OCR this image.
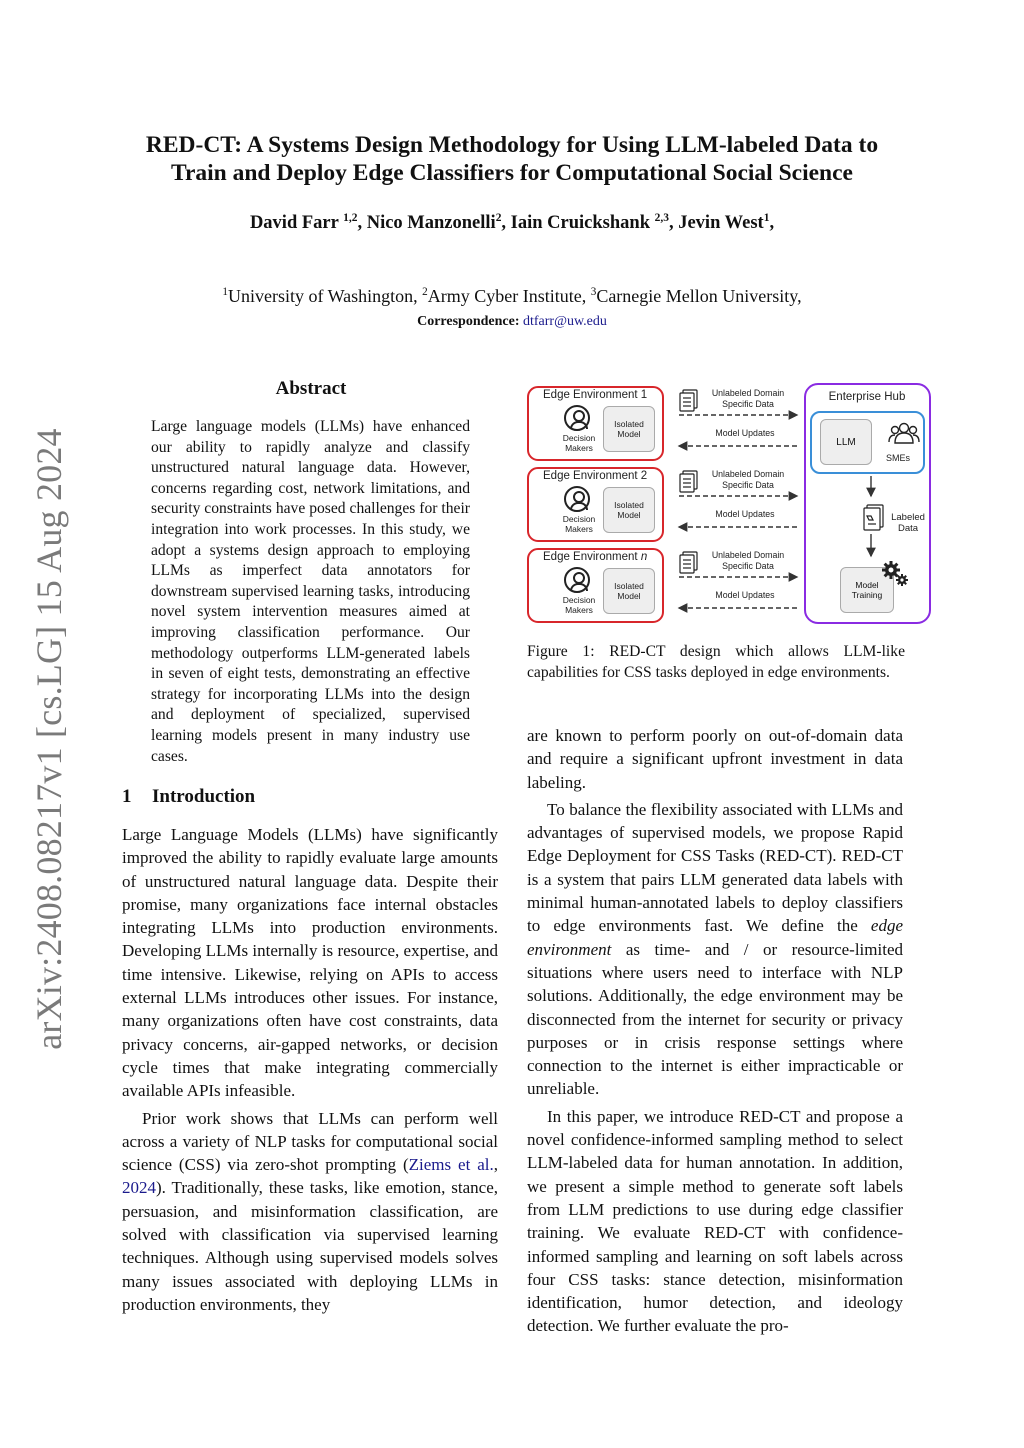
RED-CT: A Systems Design Methodology for Using LLM-labeled Data to
Train and Deploy Edge Classifiers for Computational Social Science
David Farr $^{1,2}$, Nico Manzonelli$^2$, Iain Cruickshank $^{2,3}$, Jevin West$^1$,
$^1$University of Washington, $^2$Army Cyber Institute, $^3$Carnegie Mellon University,
Correspondence: dtfarr@uw.edu
arXiv:2408.08217v1 [cs.LG] 15 Aug 2024
Abstract
Large language models (LLMs) have enhanced our ability to rapidly analyze and classify unstructured natural language data. However, concerns regarding cost, network limitations, and security constraints have posed challenges for their integration into work processes. In this study, we adopt a systems design approach to employing LLMs as imperfect data annotators for downstream supervised learning tasks, introducing novel system intervention measures aimed at improving classification performance. Our methodology outperforms LLM-generated labels in seven of eight tests, demonstrating an effective strategy for incorporating LLMs into the design and deployment of specialized, supervised learning models present in many industry use cases.
1 Introduction

Large Language Models (LLMs) have significantly improved the ability to rapidly evaluate large amounts of unstructured natural language data. Despite their promise, many organizations face internal obstacles integrating LLMs into production environments. Developing LLMs internally is resource, expertise, and time intensive. Likewise, relying on APIs to access external LLMs introduces other issues. For instance, many organizations often have cost constraints, data privacy concerns, air-gapped networks, or decision cycle times that make integrating commercially available APIs infeasible.

Prior work shows that LLMs can perform well across a variety of NLP tasks for computational social science (CSS) via zero-shot prompting (Ziems et al., 2024). Traditionally, these tasks, like emotion, stance, persuasion, and misinformation classification, are solved with classification via supervised learning techniques. Although using supervised models solves many issues associated with deploying LLMs in production environments, they

are known to perform poorly on out-of-domain data and require a significant upfront investment in data labeling.

To balance the flexibility associated with LLMs and advantages of supervised models, we propose Rapid Edge Deployment for CSS Tasks (RED-CT). RED-CT is a system that pairs LLM generated data labels with minimal human-annotated labels to deploy classifiers to edge environments fast. We define the edge environment as time- and / or resource-limited situations where users need to interface with NLP solutions. Additionally, the edge environment may be disconnected from the internet for security or privacy purposes or in crisis response settings where connection to the internet is either impracticable or unreliable.

In this paper, we introduce RED-CT and propose a novel confidence-informed sampling method to select LLM-labeled data for human annotation. In addition, we present a simple method to generate soft labels from LLM predictions to use during edge classifier training. We evaluate RED-CT with confidence-informed sampling and learning on soft labels across four CSS tasks: stance detection, misinformation identification, humor detection, and ideology detection. We further evaluate the pro-

Edge Environment 1
Decision Makers
Isolated Model
Edge Environment 2
Decision Makers
Isolated Model
Edge Environment n
Decision Makers
Isolated Model
Unlabeled Domain Specific Data
Model Updates
Unlabeled Domain Specific Data
Model Updates
Unlabeled Domain Specific Data
Model Updates
Enterprise Hub
LLM
SMEs
Labeled Data
Model Training
Figure 1: RED-CT design which allows LLM-like capabilities for CSS tasks deployed in edge environments.
